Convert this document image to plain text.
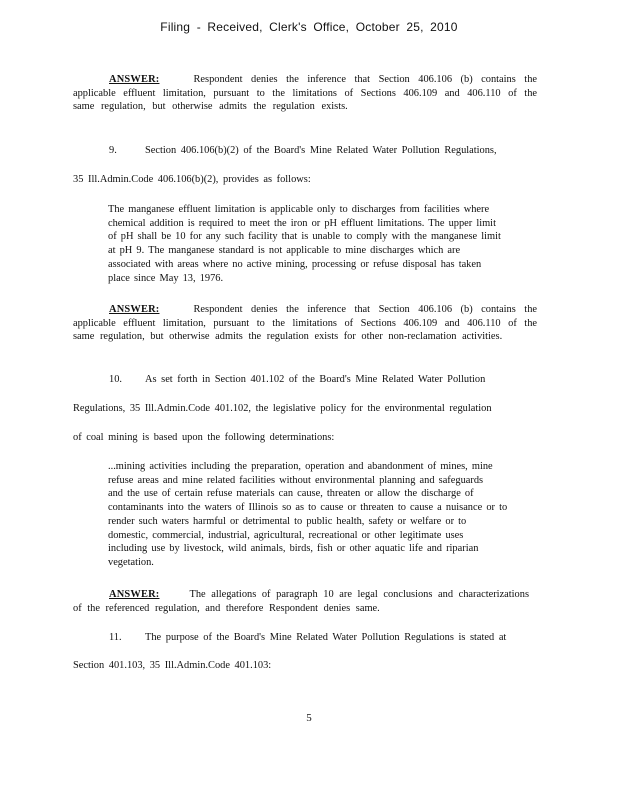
Filing - Received, Clerk's Office, October 25, 2010
ANSWER:	Respondent denies the inference that Section 406.106 (b) contains the
applicable effluent limitation, pursuant to the limitations of Sections 406.109 and 406.110 of the
same regulation, but otherwise admits the regulation exists.
9.	Section 406.106(b)(2) of the Board's Mine Related Water Pollution Regulations,
35 Ill.Admin.Code 406.106(b)(2), provides as follows:
The manganese effluent limitation is applicable only to discharges from facilities where
chemical addition is required to meet the iron or pH effluent limitations. The upper limit
of pH shall be 10 for any such facility that is unable to comply with the manganese limit
at pH 9. The manganese standard is not applicable to mine discharges which are
associated with areas where no active mining, processing or refuse disposal has taken
place since May 13, 1976.
ANSWER:	Respondent denies the inference that Section 406.106 (b) contains the
applicable effluent limitation, pursuant to the limitations of Sections 406.109 and 406.110 of the
same regulation, but otherwise admits the regulation exists for other non-reclamation activities.
10. As set forth in Section 401.102 of the Board's Mine Related Water Pollution
Regulations, 35 Ill.Admin.Code 401.102, the legislative policy for the environmental regulation
of coal mining is based upon the following determinations:
...mining activities including the preparation, operation and abandonment of mines, mine
refuse areas and mine related facilities without environmental planning and safeguards
and the use of certain refuse materials can cause, threaten or allow the discharge of
contaminants into the waters of Illinois so as to cause or threaten to cause a nuisance or to
render such waters harmful or detrimental to public health, safety or welfare or to
domestic, commercial, industrial, agricultural, recreational or other legitimate uses
including use by livestock, wild animals, birds, fish or other aquatic life and riparian
vegetation.
ANSWER:	The allegations of paragraph 10 are legal conclusions and characterizations
of the referenced regulation, and therefore Respondent denies same.
11. The purpose of the Board's Mine Related Water Pollution Regulations is stated at
Section 401.103, 35 Ill.Admin.Code 401.103:
5
